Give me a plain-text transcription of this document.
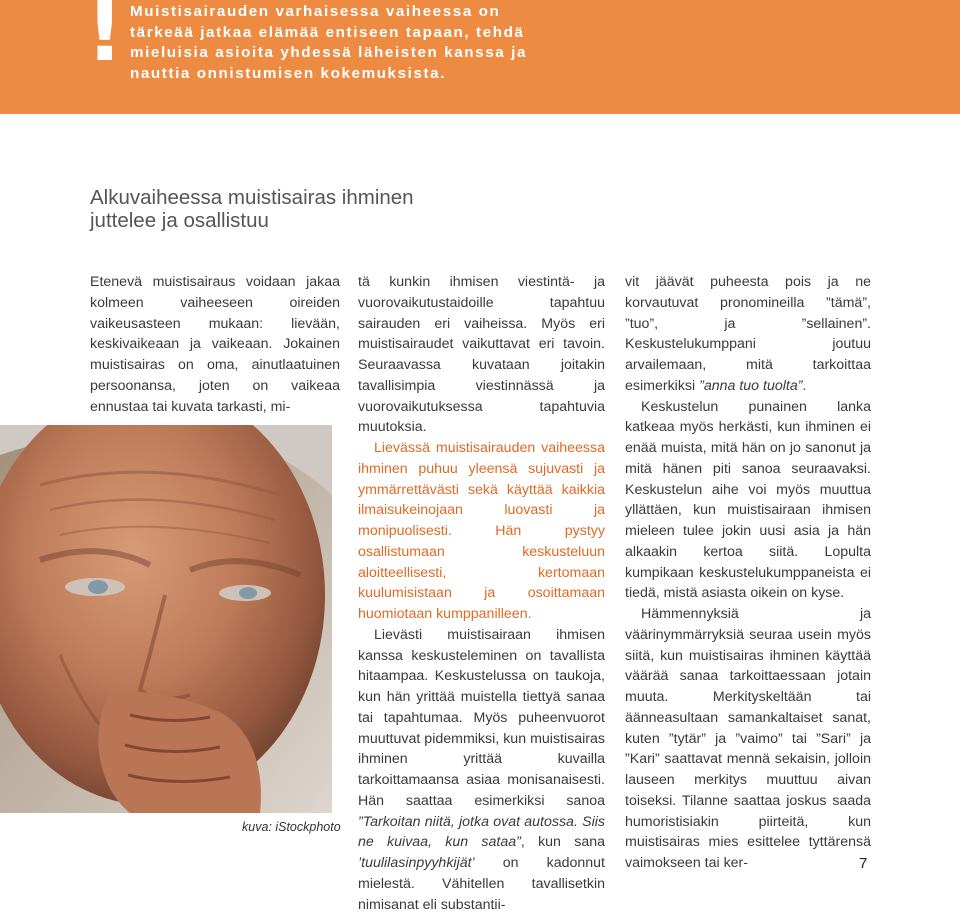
! Muistisairauden varhaisessa vaiheessa on tärkeää jatkaa elämää entiseen tapaan, tehdä mieluisia asioita yhdessä läheisten kanssa ja nauttia onnistumisen kokemuksista.

Alkuvaiheessa muistisairas ihminen
juttelee ja osallistuu

Etenevä muistisairaus voidaan jakaa kolmeen vaiheeseen oireiden vaikeusasteen mukaan: lievään, keskivaikeaan ja vaikeaan. Jokainen muistisairas on oma, ainutlaatuinen persoonansa, joten on vaikeaa ennustaa tai kuvata tarkasti, mi-

kuva: iStockphoto

tä kunkin ihmisen viestintä- ja vuorovaikutustaidoille tapahtuu sairauden eri vaiheissa. Myös eri muistisairaudet vaikuttavat eri tavoin. Seuraavassa kuvataan joitakin tavallisimpia viestinnässä ja vuorovaikutuksessa tapahtuvia muutoksia.

Lievässä muistisairauden vaiheessa ihminen puhuu yleensä sujuvasti ja ymmärrettävästi sekä käyttää kaikkia ilmaisukeinojaan luovasti ja monipuolisesti. Hän pystyy osallistumaan keskusteluun aloitteellisesti, kertomaan kuulumisistaan ja osoittamaan huomiotaan kumppanilleen.

Lievästi muistisairaan ihmisen kanssa keskusteleminen on tavallista hitaampaa. Keskustelussa on taukoja, kun hän yrittää muistella tiettyä sanaa tai tapahtumaa. Myös puheenvuorot muuttuvat pidemmiksi, kun muistisairas ihminen yrittää kuvailla tarkoittamaansa asiaa monisanaisesti. Hän saattaa esimerkiksi sanoa ”Tarkoitan niitä, jotka ovat autossa. Siis ne kuivaa, kun sataa”, kun sana ’tuulilasinpyyhkijät’ on kadonnut mielestä. Vähitellen tavallisetkin nimisanat eli substantii-

vit jäävät puheesta pois ja ne korvautuvat pronomineilla ”tämä”, ”tuo”, ja ”sellainen”. Keskustelukumppani joutuu arvailemaan, mitä tarkoittaa esimerkiksi ”anna tuo tuolta”.

Keskustelun punainen lanka katkeaa myös herkästi, kun ihminen ei enää muista, mitä hän on jo sanonut ja mitä hänen piti sanoa seuraavaksi. Keskustelun aihe voi myös muuttua yllättäen, kun muistisairaan ihmisen mieleen tulee jokin uusi asia ja hän alkaakin kertoa siitä. Lopulta kumpikaan keskustelukumppaneista ei tiedä, mistä asiasta oikein on kyse.

Hämmennyksiä ja väärinymmärryksiä seuraa usein myös siitä, kun muistisairas ihminen käyttää väärää sanaa tarkoittaessaan jotain muuta. Merkityskeltään tai äänneasultaan samankaltaiset sanat, kuten ”tytär” ja ”vaimo” tai ”Sari” ja ”Kari” saattavat mennä sekaisin, jolloin lauseen merkitys muuttuu aivan toiseksi. Tilanne saattaa joskus saada humoristisiakin piirteitä, kun muistisairas mies esittelee tyttärensä vaimokseen tai ker-	7
